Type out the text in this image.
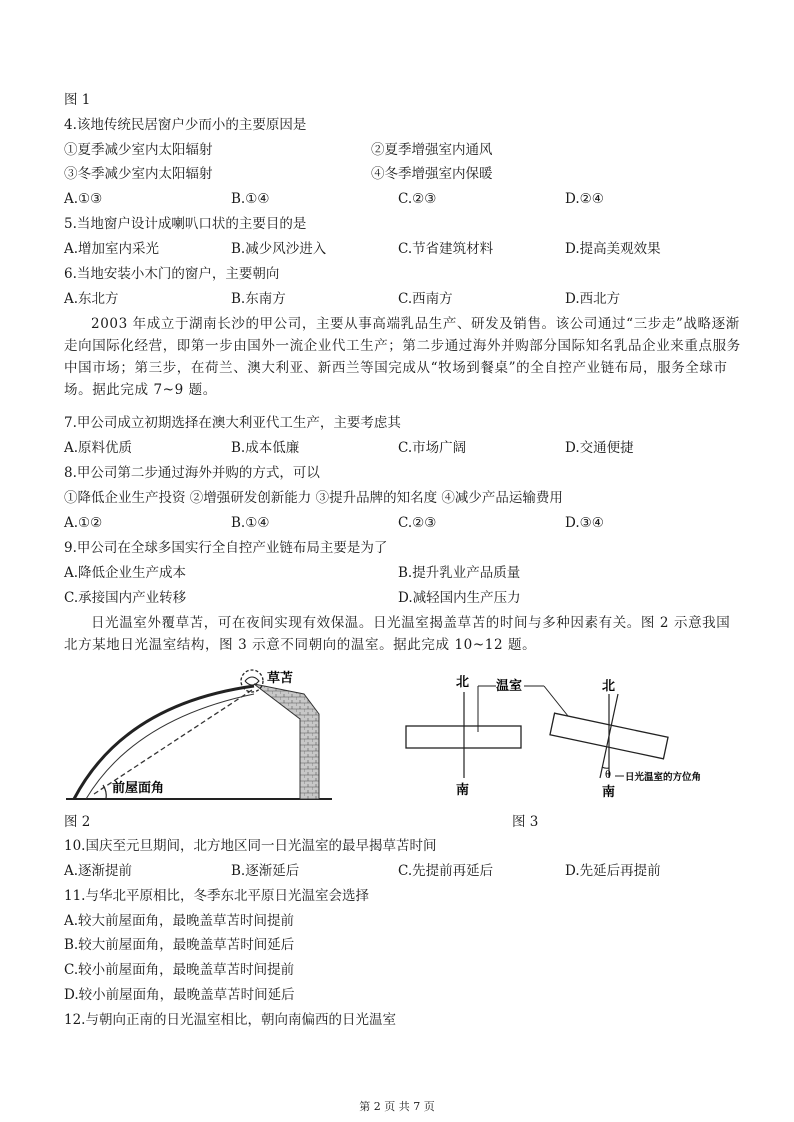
图 1
4.该地传统民居窗户少而小的主要原因是
①夏季减少室内太阳辐射	②夏季增强室内通风
③冬季减少室内太阳辐射	④冬季增强室内保暖
A.①③	B.①④	C.②③	D.②④
5.当地窗户设计成喇叭口状的主要目的是
A.增加室内采光	B.减少风沙进入	C.节省建筑材料	D.提高美观效果
6.当地安装小木门的窗户，主要朝向
A.东北方	B.东南方	C.西南方	D.西北方
2003 年成立于湖南长沙的甲公司，主要从事高端乳品生产、研发及销售。该公司通过“三步走”战略逐渐走向国际化经营，即第一步由国外一流企业代工生产；第二步通过海外并购部分国际知名乳品企业来重点服务中国市场；第三步，在荷兰、澳大利亚、新西兰等国完成从“牧场到餐桌”的全自控产业链布局，服务全球市场。据此完成 7~9 题。
7.甲公司成立初期选择在澳大利亚代工生产，主要考虑其
A.原料优质	B.成本低廉	C.市场广阔	D.交通便捷
8.甲公司第二步通过海外并购的方式，可以
①降低企业生产投资 ②增强研发创新能力 ③提升品牌的知名度 ④减少产品运输费用
A.①②	B.①④	C.②③	D.③④
9.甲公司在全球多国实行全自控产业链布局主要是为了
A.降低企业生产成本	B.提升乳业产品质量
C.承接国内产业转移	D.减轻国内生产压力
日光温室外覆草苫，可在夜间实现有效保温。日光温室揭盖草苫的时间与多种因素有关。图 2 示意我国北方某地日光温室结构，图 3 示意不同朝向的温室。据此完成 10~12 题。
草苫
前屋面角
图 2
北
南
温室	北
θ 日光温室的方位角
南
图 3
10.国庆至元旦期间，北方地区同一日光温室的最早揭草苫时间
A.逐渐提前	B.逐渐延后	C.先提前再延后	D.先延后再提前
11.与华北平原相比，冬季东北平原日光温室会选择
A.较大前屋面角，最晚盖草苫时间提前
B.较大前屋面角，最晚盖草苫时间延后
C.较小前屋面角，最晚盖草苫时间提前
D.较小前屋面角，最晚盖草苫时间延后
12.与朝向正南的日光温室相比，朝向南偏西的日光温室
第 2 页 共 7 页
